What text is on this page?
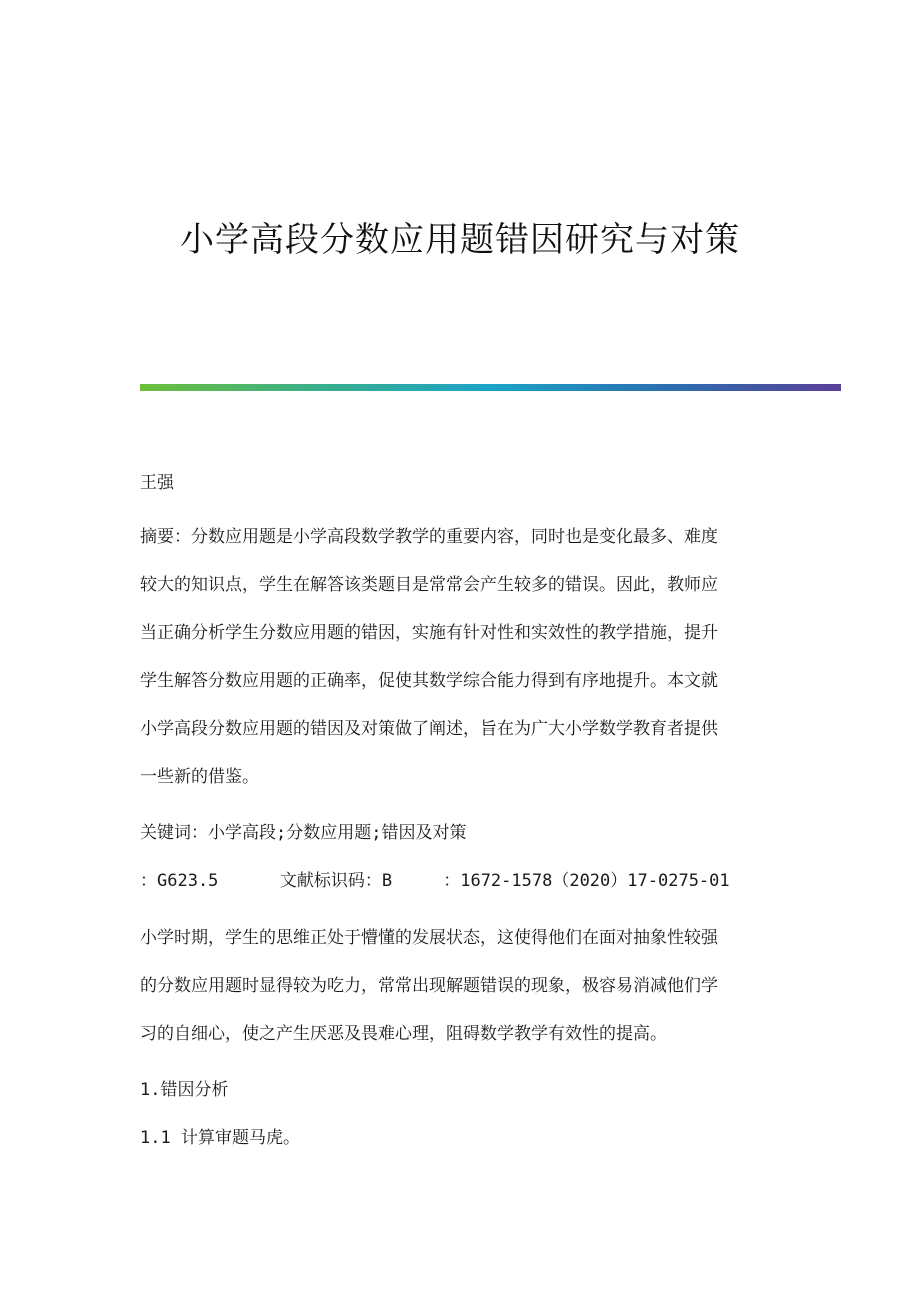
小学高段分数应用题错因研究与对策
王强
摘要：分数应用题是小学高段数学教学的重要内容，同时也是变化最多、难度
较大的知识点，学生在解答该类题目是常常会产生较多的错误。因此，教师应
当正确分析学生分数应用题的错因，实施有针对性和实效性的教学措施，提升
学生解答分数应用题的正确率，促使其数学综合能力得到有序地提升。本文就
小学高段分数应用题的错因及对策做了阐述，旨在为广大小学数学教育者提供
一些新的借鉴。
关键词：小学高段;分数应用题;错因及对策
：G623.5      文献标识码：B     ：1672-1578（2020）17-0275-01
小学时期，学生的思维正处于懵懂的发展状态，这使得他们在面对抽象性较强
的分数应用题时显得较为吃力，常常出现解题错误的现象，极容易消减他们学
习的自细心，使之产生厌恶及畏难心理，阻碍数学教学有效性的提高。
1.错因分析
1.1 计算审题马虎。
